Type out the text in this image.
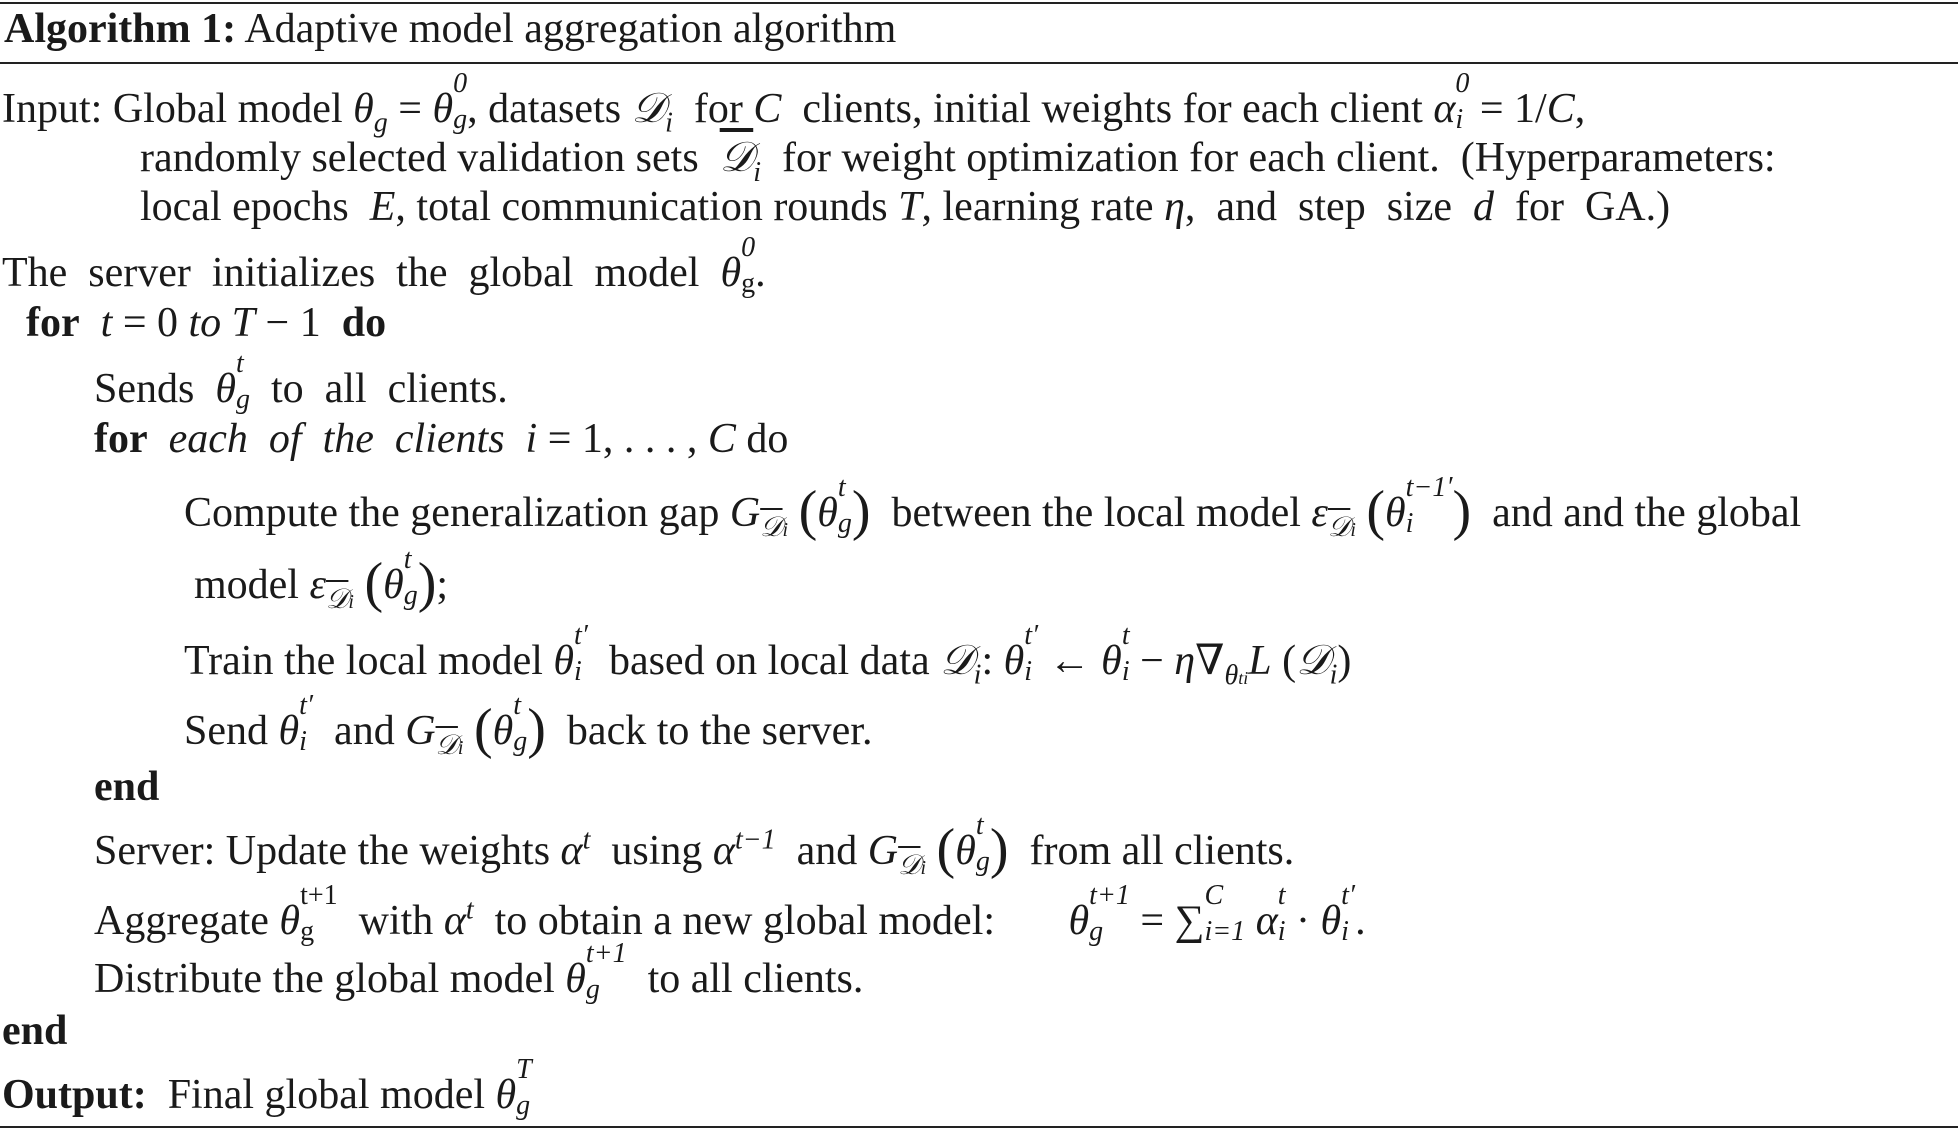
Algorithm 1: Adaptive model aggregation algorithm
Input: Global model $\theta_g = \theta$
0
g , datasets 𝒟$_i$  for C  clients, initial weights for each client α
0
i = 1/C,
randomly selected validation sets  𝒟$_i$  for weight optimization for each client.  (Hyperparameters:
local epochs  E, total communication rounds T, learning rate η,  and  step  size  d  for  GA.)
The  server  initializes  the  global  model  θ
0
g .
for t = 0 to T − 1  do
Sends  θ
t
g to  all  clients.
for each  of  the  clients  i = 1, . . . , C do
Compute the generalization gap $G_{𝒟i}$ (θ
t
g )  between the local model $\varepsilon_{𝒟i}$ (θ
t−1′
i )  and and the global
model $\varepsilon_{𝒟i}$ (θ
t
g );
Train the local model θ
t′
i based on local data 𝒟$_i$: θ
t′
i ← θ
t
$i - \eta\nabla_{\theta ti}L$ (𝒟$_i$)
Send θ
t′
i and $G_{𝒟i}$ (θ
t
g )  back to the server.
end
Server: Update the weights $\alpha^t$  using $\alpha^{t-1}$  and $G_{𝒟i}$ (θ
t
g )  from all clients.
Aggregate θ
t+1
g with $\alpha^t$  to obtain a new global model:       θ
t+1
g = ∑
C
i=1 α
t
i · θ
t′
i .
Distribute the global model θ
t+1
g to all clients.
end
Output:  Final global model θ
T
g
